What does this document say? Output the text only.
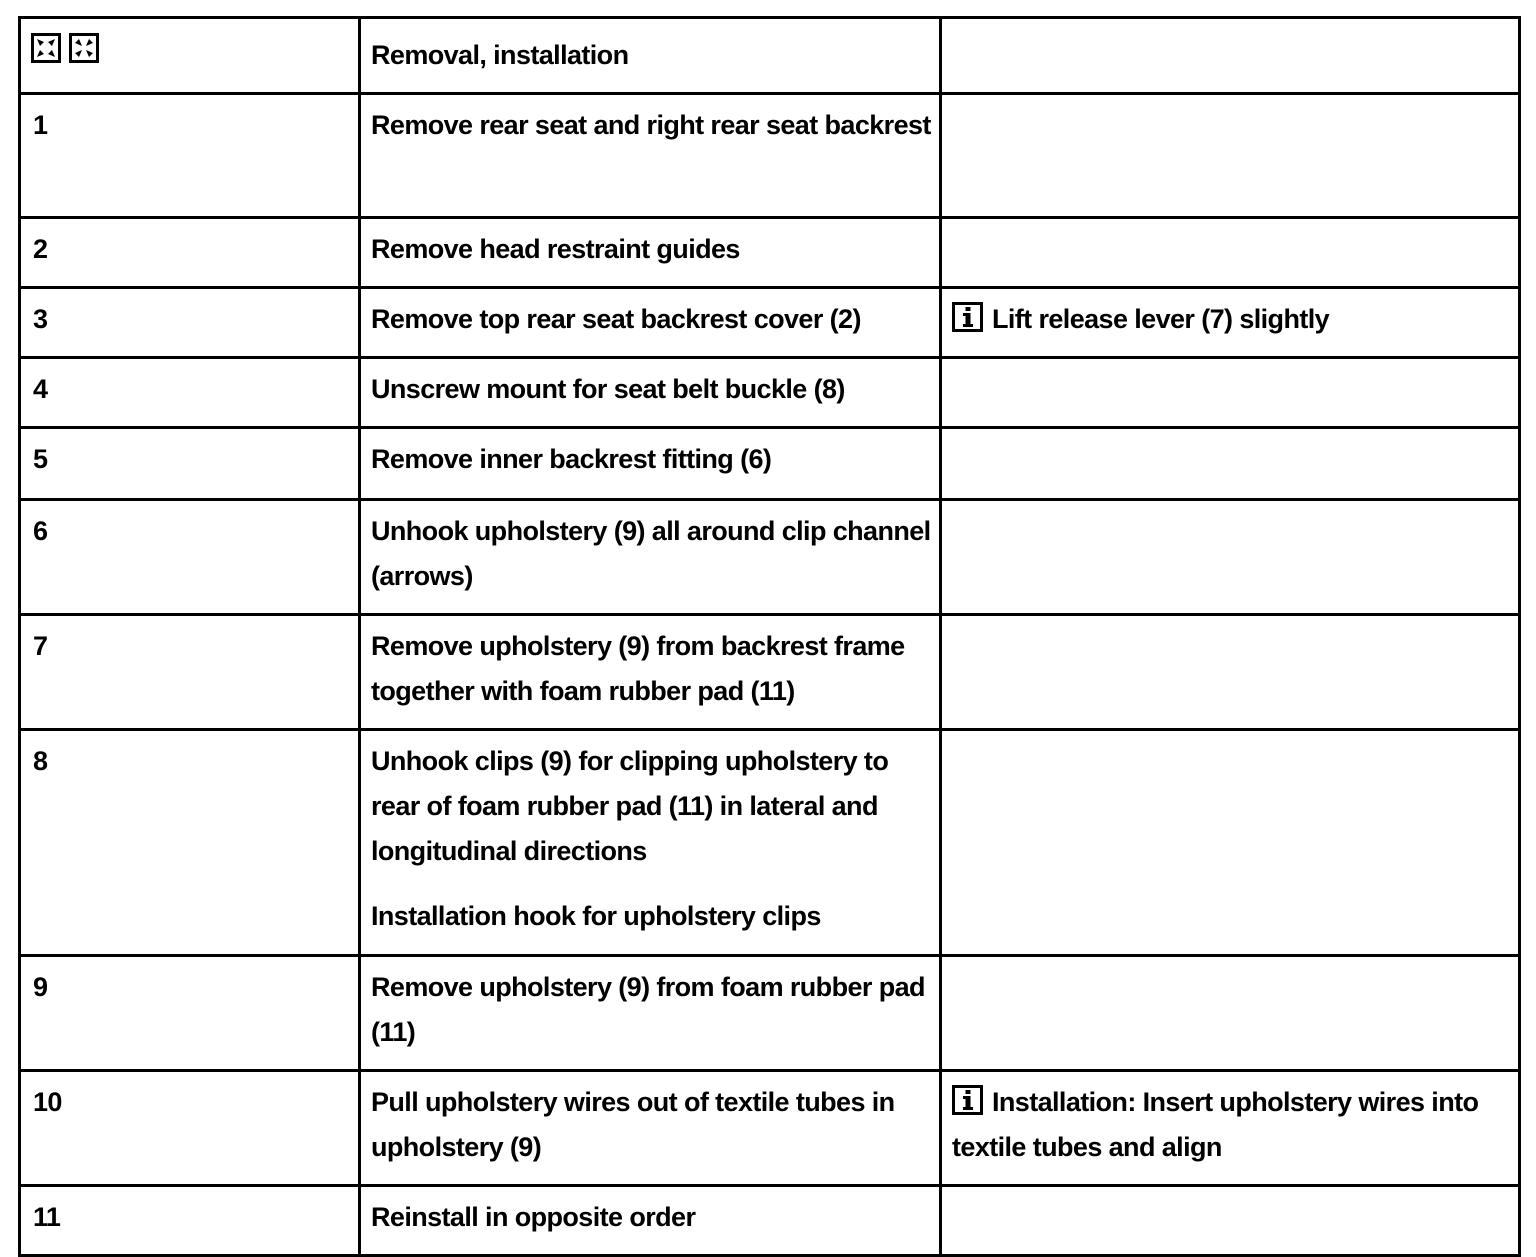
	Removal, installation	
1	Remove rear seat and right rear seat backrest	
2	Remove head restraint guides	
3	Remove top rear seat backrest cover (2)	Lift release lever (7) slightly
4	Unscrew mount for seat belt buckle (8)	
5	Remove inner backrest fitting (6)	
6	Unhook upholstery (9) all around clip channel (arrows)	
7	Remove upholstery (9) from backrest frame together with foam rubber pad (11)	
8	Unhook clips (9) for clipping upholstery to rear of foam rubber pad (11) in lateral and longitudinal directions
Installation hook for upholstery clips	

9	Remove upholstery (9) from foam rubber pad (11)	
10	Pull upholstery wires out of textile tubes in upholstery (9)	Installation: Insert upholstery wires into textile tubes and align
11	Reinstall in opposite order	
